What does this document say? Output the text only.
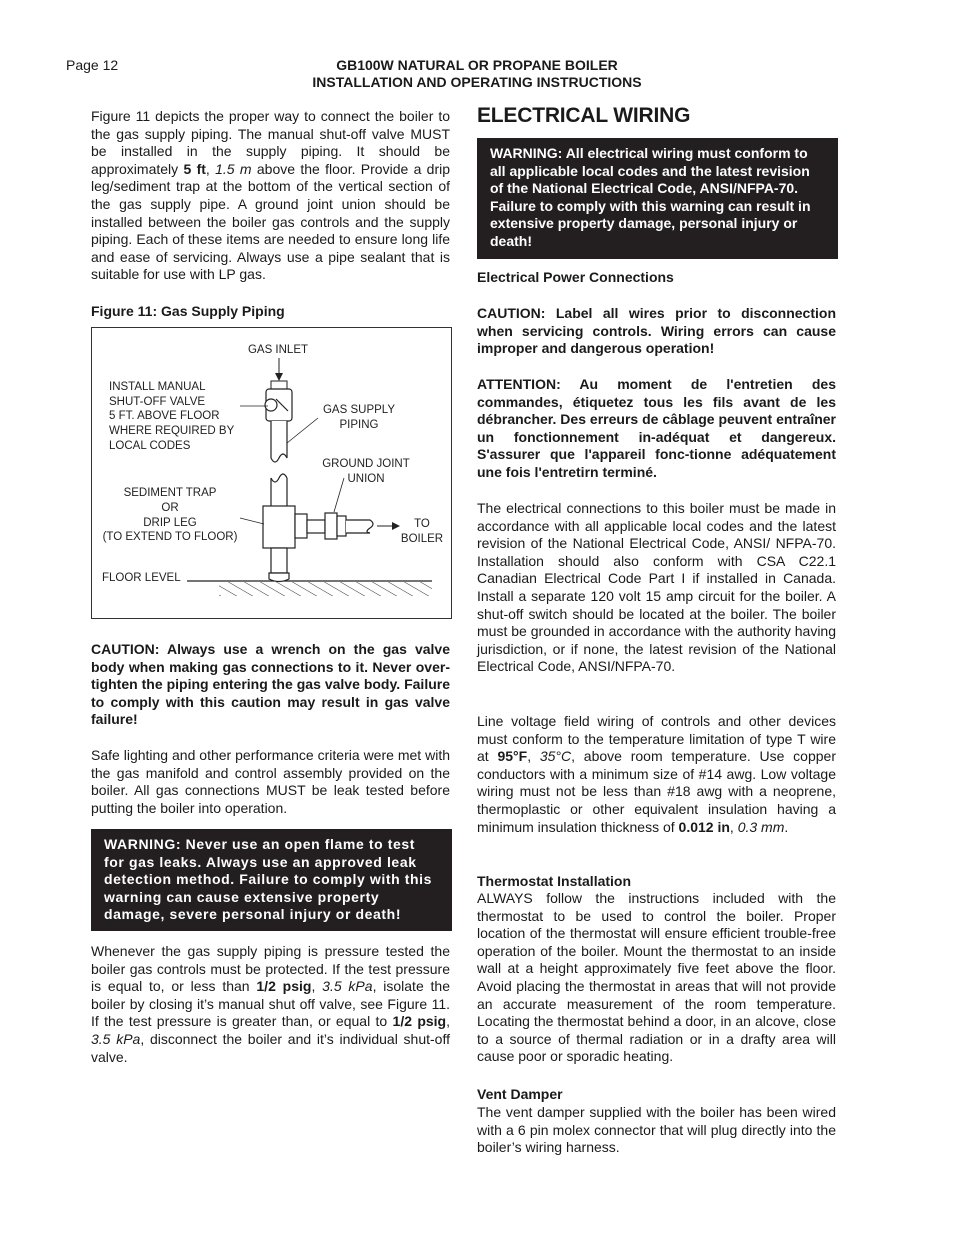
Page 12	GB100W NATURAL OR PROPANE BOILER
INSTALLATION AND OPERATING INSTRUCTIONS

Figure 11 depicts the proper way to connect the boiler to the gas supply piping. The manual shut-off valve MUST be installed in the supply piping. It should be approximately 5 ft, 1.5 m above the floor. Provide a drip leg/sediment trap at the bottom of the vertical section of the gas supply pipe. A ground joint union should be installed between the boiler gas controls and the supply piping. Each of these items are needed to ensure long life and ease of servicing. Always use a pipe sealant that is suitable for use with LP gas.

Figure 11: Gas Supply Piping

CAUTION: Always use a wrench on the gas valve body when making gas connections to it. Never over-tighten the piping entering the gas valve body. Failure to comply with this caution may result in gas valve failure!

Safe lighting and other performance criteria were met with the gas manifold and control assembly provided on the boiler. All gas connections MUST be leak tested before putting the boiler into operation.

WARNING: Never use an open flame to test for gas leaks. Always use an approved leak detection method. Failure to comply with this warning can cause extensive property damage, severe personal injury or death!

Whenever the gas supply piping is pressure tested the boiler gas controls must be protected. If the test pressure is equal to, or less than 1/2 psig, 3.5 kPa, isolate the boiler by closing it’s manual shut off valve, see Figure 11. If the test pressure is greater than, or equal to 1/2 psig, 3.5 kPa, disconnect the boiler and it’s individual shut-off valve.

GAS INLET
INSTALL MANUAL
SHUT-OFF VALVE
5 FT. ABOVE FLOOR
WHERE REQUIRED BY
LOCAL CODES
GAS SUPPLY
PIPING
GROUND JOINT
UNION
SEDIMENT TRAP
OR
DRIP LEG
(TO EXTEND TO FLOOR)
TO
BOILER
FLOOR LEVEL
ELECTRICAL WIRING
WARNING: All electrical wiring must conform to all applicable local codes and the latest revision of the National Electrical Code, ANSI/NFPA-70. Failure to comply with this warning can result in extensive property damage, personal injury or death!

Electrical Power Connections

CAUTION: Label all wires prior to disconnection when servicing controls. Wiring errors can cause improper and dangerous operation!

ATTENTION: Au moment de l'entretien des commandes, étiquetez tous les fils avant de les débrancher. Des erreurs de câblage peuvent entraîner un fonctionnement in-adéquat et dangereux. S'assurer que l'appareil fonc-tionne adéquatement une fois l'entretirn terminé.

The electrical connections to this boiler must be made in accordance with all applicable local codes and the latest revision of the National Electrical Code, ANSI/ NFPA-70. Installation should also conform with CSA C22.1 Canadian Electrical Code Part I if installed in Canada. Install a separate 120 volt 15 amp circuit for the boiler. A shut-off switch should be located at the boiler. The boiler must be grounded in accordance with the authority having jurisdiction, or if none, the latest revision of the National Electrical Code, ANSI/NFPA-70.

Line voltage field wiring of controls and other devices must conform to the temperature limitation of type T wire at 95°F, 35°C, above room temperature. Use copper conductors with a minimum size of #14 awg. Low voltage wiring must not be less than #18 awg with a neoprene, thermoplastic or other equivalent insulation having a minimum insulation thickness of 0.012 in, 0.3 mm.

Thermostat Installation

ALWAYS follow the instructions included with the thermostat to be used to control the boiler. Proper location of the thermostat will ensure efficient trouble-free operation of the boiler. Mount the thermostat to an inside wall at a height approximately five feet above the floor. Avoid placing the thermostat in areas that will not provide an accurate measurement of the room temperature. Locating the thermostat behind a door, in an alcove, close to a source of thermal radiation or in a drafty area will cause poor or sporadic heating.

Vent Damper

The vent damper supplied with the boiler has been wired with a 6 pin molex connector that will plug directly into the boiler’s wiring harness.
